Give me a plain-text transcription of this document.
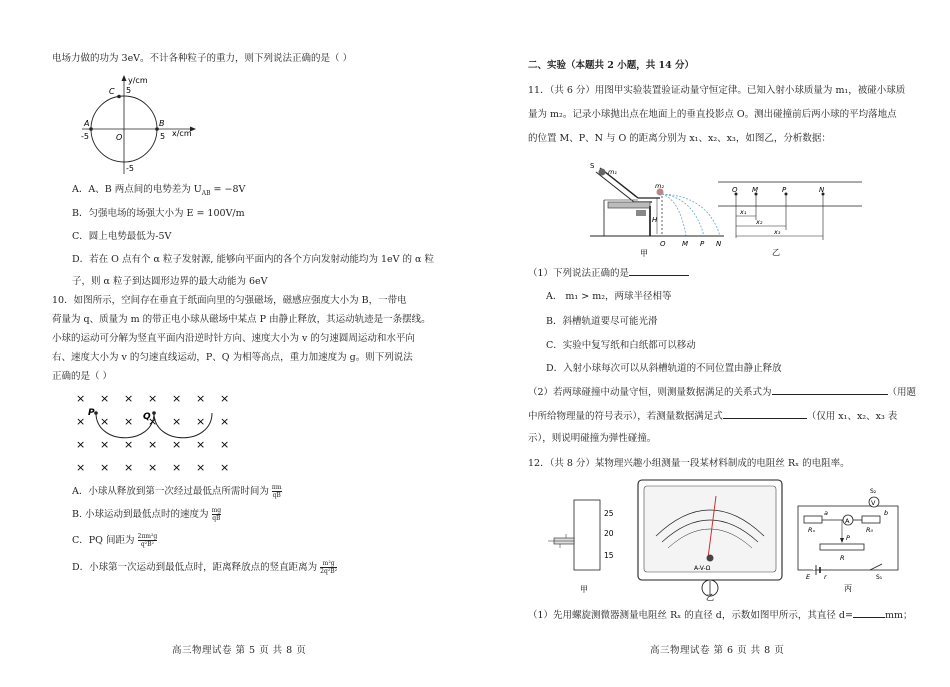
电场力做的功为 3eV。不计各种粒子的重力，则下列说法正确的是（ ）
y/cm
x/cm
C 5
A	B
-5	5
O
-5
A．A、B 两点间的电势差为 $U_{AB} = -8V$
B．匀强电场的场强大小为 E = 100V/m
C．圆上电势最低为-5V
D．若在 O 点有个 α 粒子发射源, 能够向平面内的各个方向发射动能均为 1eV 的 α 粒
子，则 α 粒子到达圆形边界的最大动能为 6eV
10．如图所示，空间存在垂直于纸面向里的匀强磁场，磁感应强度大小为 B，一带电
荷量为 q、质量为 m 的带正电小球从磁场中某点 P 由静止释放，其运动轨迹是一条摆线。
小球的运动可分解为竖直平面内沿逆时针方向、速度大小为 v 的匀速圆周运动和水平向
右、速度大小为 v 的匀速直线运动，P、Q 为相等高点，重力加速度为 g。则下列说法
正确的是（ ）
P	Q
× × × × × × ×
× × × × × × ×
× × × × × × ×
× × × × × × ×
A．小球从释放到第一次经过最低点所需时间为 $\frac{\pi m}{qB}$
B. 小球运动到最低点时的速度为 $\frac{mg}{qB}$
C．PQ 间距为 $\frac{\text{2πm²g}}{\text{q²B²}}$
D．小球第一次运动到最低点时，距离释放点的竖直距离为 $\frac{\text{m²g}}{\text{2q²B²}}$
高三物理试卷 第 5 页 共 8 页
二、实验（本题共 2 小题，共 14 分）
11．（共 6 分）用图甲实验装置验证动量守恒定律。已知入射小球质量为 m₁，被碰小球质
量为 m₂。记录小球抛出点在地面上的垂直投影点 O。测出碰撞前后两小球的平均落地点
的位置 M、P、N 与 O 的距离分别为 x₁、x₂、x₃，如图乙，分析数据：
S
m₁
m₂
H
O M P N
甲
O M	P	N
x₁
x₂
x₃
乙
（1）下列说法正确的是
A． m₁ > m₂，两球半径相等
B．斜槽轨道要尽可能光滑
C．实验中复写纸和白纸都可以移动
D．入射小球每次可以从斜槽轨道的不同位置由静止释放
（2）若两球碰撞中动量守恒，则测量数据满足的关系式为	（用题
中所给物理量的符号表示），若测量数据满足式	（仅用 x₁、x₂、x₃ 表
示），则说明碰撞为弹性碰撞。
12．（共 8 分）某物理兴趣小组测量一段某材料制成的电阻丝 Rₓ 的电阻率。
25
20
15
甲
A-V-Ω
乙
S₂
V
A
Rₓ	R₀
a	b
P
R
E r	S₁
丙
（1）先用螺旋测微器测量电阻丝 Rₓ 的直径 d，示数如图甲所示，其直径 d=	mm；
高三物理试卷 第 6 页 共 8 页
